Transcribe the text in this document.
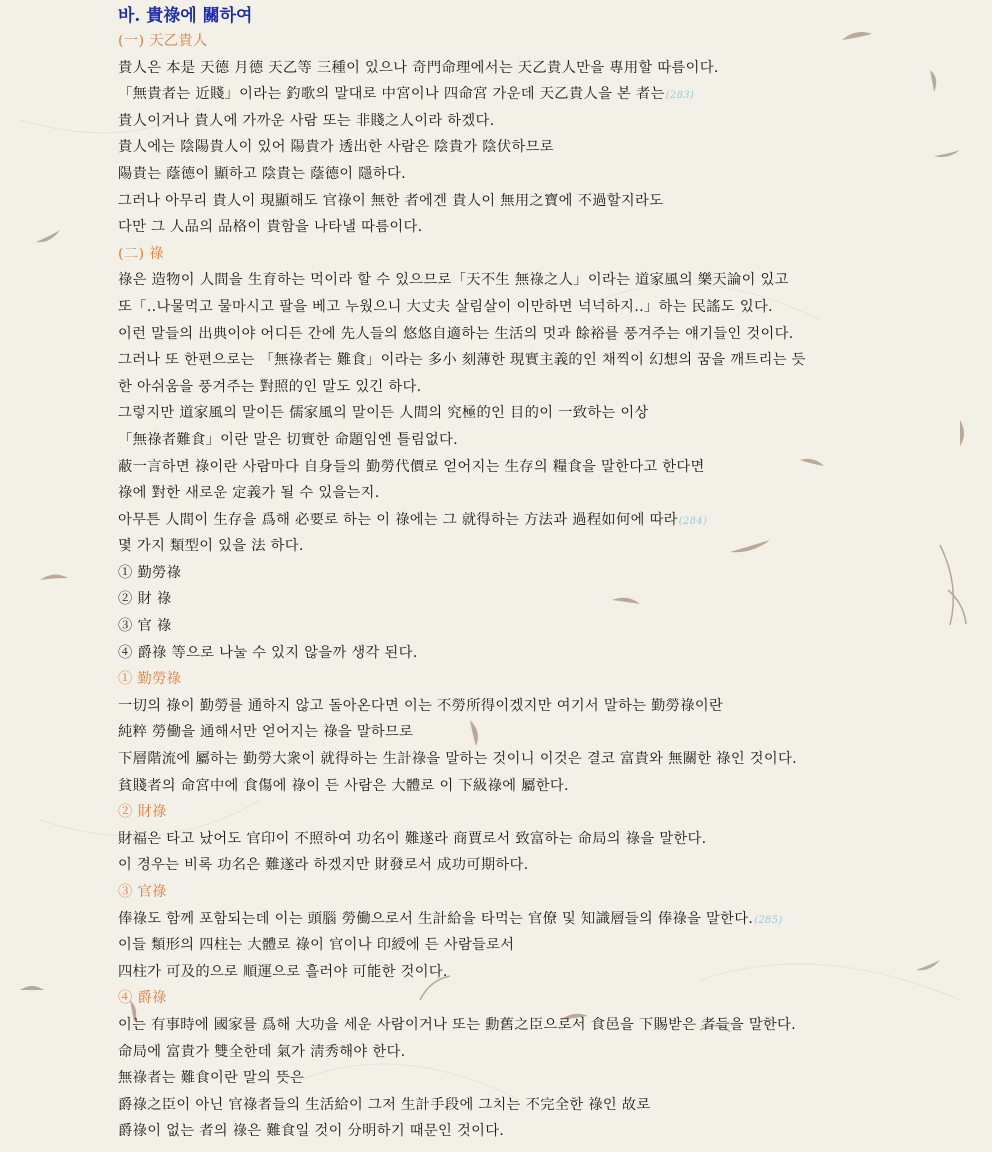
바. 貴祿에 關하여
(一) 天乙貴人
貴人은 本是 天德 月德 天乙等 三種이 있으나 奇門命理에서는 天乙貴人만을 專用할 따름이다.
「無貴者는 近賤」이라는 釣歌의 말대로 中宮이나 四命宮 가운데 天乙貴人을 본 者는(283)
貴人이거나 貴人에 가까운 사람 또는 非賤之人이라 하겠다.
貴人에는 陰陽貴人이 있어 陽貴가 透出한 사람은 陰貴가 陰伏하므로
陽貴는 蔭德이 顯하고 陰貴는 蔭德이 隱하다.
그러나 아무리 貴人이 現顯해도 官祿이 無한 者에겐 貴人이 無用之寶에 不過할지라도
다만 그 人品의 品格이 貴함을 나타낼 따름이다.
(二) 祿
祿은 造物이 人間을 生育하는 먹이라 할 수 있으므로「天不生 無祿之人」이라는 道家風의 樂天論이 있고
또「‥나물먹고 물마시고 팔을 베고 누웠으니 大丈夫 살림살이 이만하면 넉넉하지‥」하는 民謠도 있다.
이런 말들의 出典이야 어디든 간에 先人들의 悠悠自適하는 生活의 멋과 餘裕를 풍겨주는 얘기들인 것이다.
그러나 또 한편으로는 「無祿者는 難食」이라는 多小 刻薄한 現實主義的인 채찍이 幻想의 꿈을 깨트리는 듯
한 아쉬움을 풍겨주는 對照的인 말도 있긴 하다.
그렇지만 道家風의 말이든 儒家風의 말이든 人間의 究極的인 目的이 一致하는 이상
「無祿者難食」이란 말은 切實한 命題임엔 틀림없다.
蔽一言하면 祿이란 사람마다 自身들의 勤勞代價로 얻어지는 生存의 糧食을 말한다고 한다면
祿에 對한 새로운 定義가 될 수 있을는지.
아무튼 人間이 生存을 爲해 必要로 하는 이 祿에는 그 就得하는 方法과 過程如何에 따라(284)
몇 가지 類型이 있을 法 하다.
① 勤勞祿
② 財 祿
③ 官 祿
④ 爵祿 等으로 나눌 수 있지 않을까 생각 된다.
① 勤勞祿
一切의 祿이 勤勞를 通하지 않고 돌아온다면 이는 不勞所得이겠지만 여기서 말하는 勤勞祿이란
純粹 勞働을 通해서만 얻어지는 祿을 말하므로
下層階流에 屬하는 勤勞大衆이 就得하는 生計祿을 말하는 것이니 이것은 결코 富貴와 無關한 祿인 것이다.
貧賤者의 命宮中에 食傷에 祿이 든 사람은 大體로 이 下級祿에 屬한다.
② 財祿
財福은 타고 났어도 官印이 不照하여 功名이 難遂라 商賈로서 致富하는 命局의 祿을 말한다.
이 경우는 비록 功名은 難遂라 하겠지만 財發로서 成功可期하다.
③ 官祿
俸祿도 함께 포함되는데 이는 頭腦 勞働으로서 生計給을 타먹는 官僚 및 知識層들의 俸祿을 말한다.(285)
이들 類形의 四柱는 大體로 祿이 官이나 印綬에 든 사람들로서
四柱가 可及的으로 順運으로 흘러야 可能한 것이다.
④ 爵祿
이는 有事時에 國家를 爲해 大功을 세운 사람이거나 또는 勳舊之臣으로서 食邑을 下賜받은 者들을 말한다.
命局에 富貴가 雙全한데 氣가 淸秀해야 한다.
無祿者는 難食이란 말의 뜻은
爵祿之臣이 아닌 官祿者들의 生活給이 그저 生計手段에 그치는 不完全한 祿인 故로
爵祿이 없는 者의 祿은 難食일 것이 分明하기 때문인 것이다.
